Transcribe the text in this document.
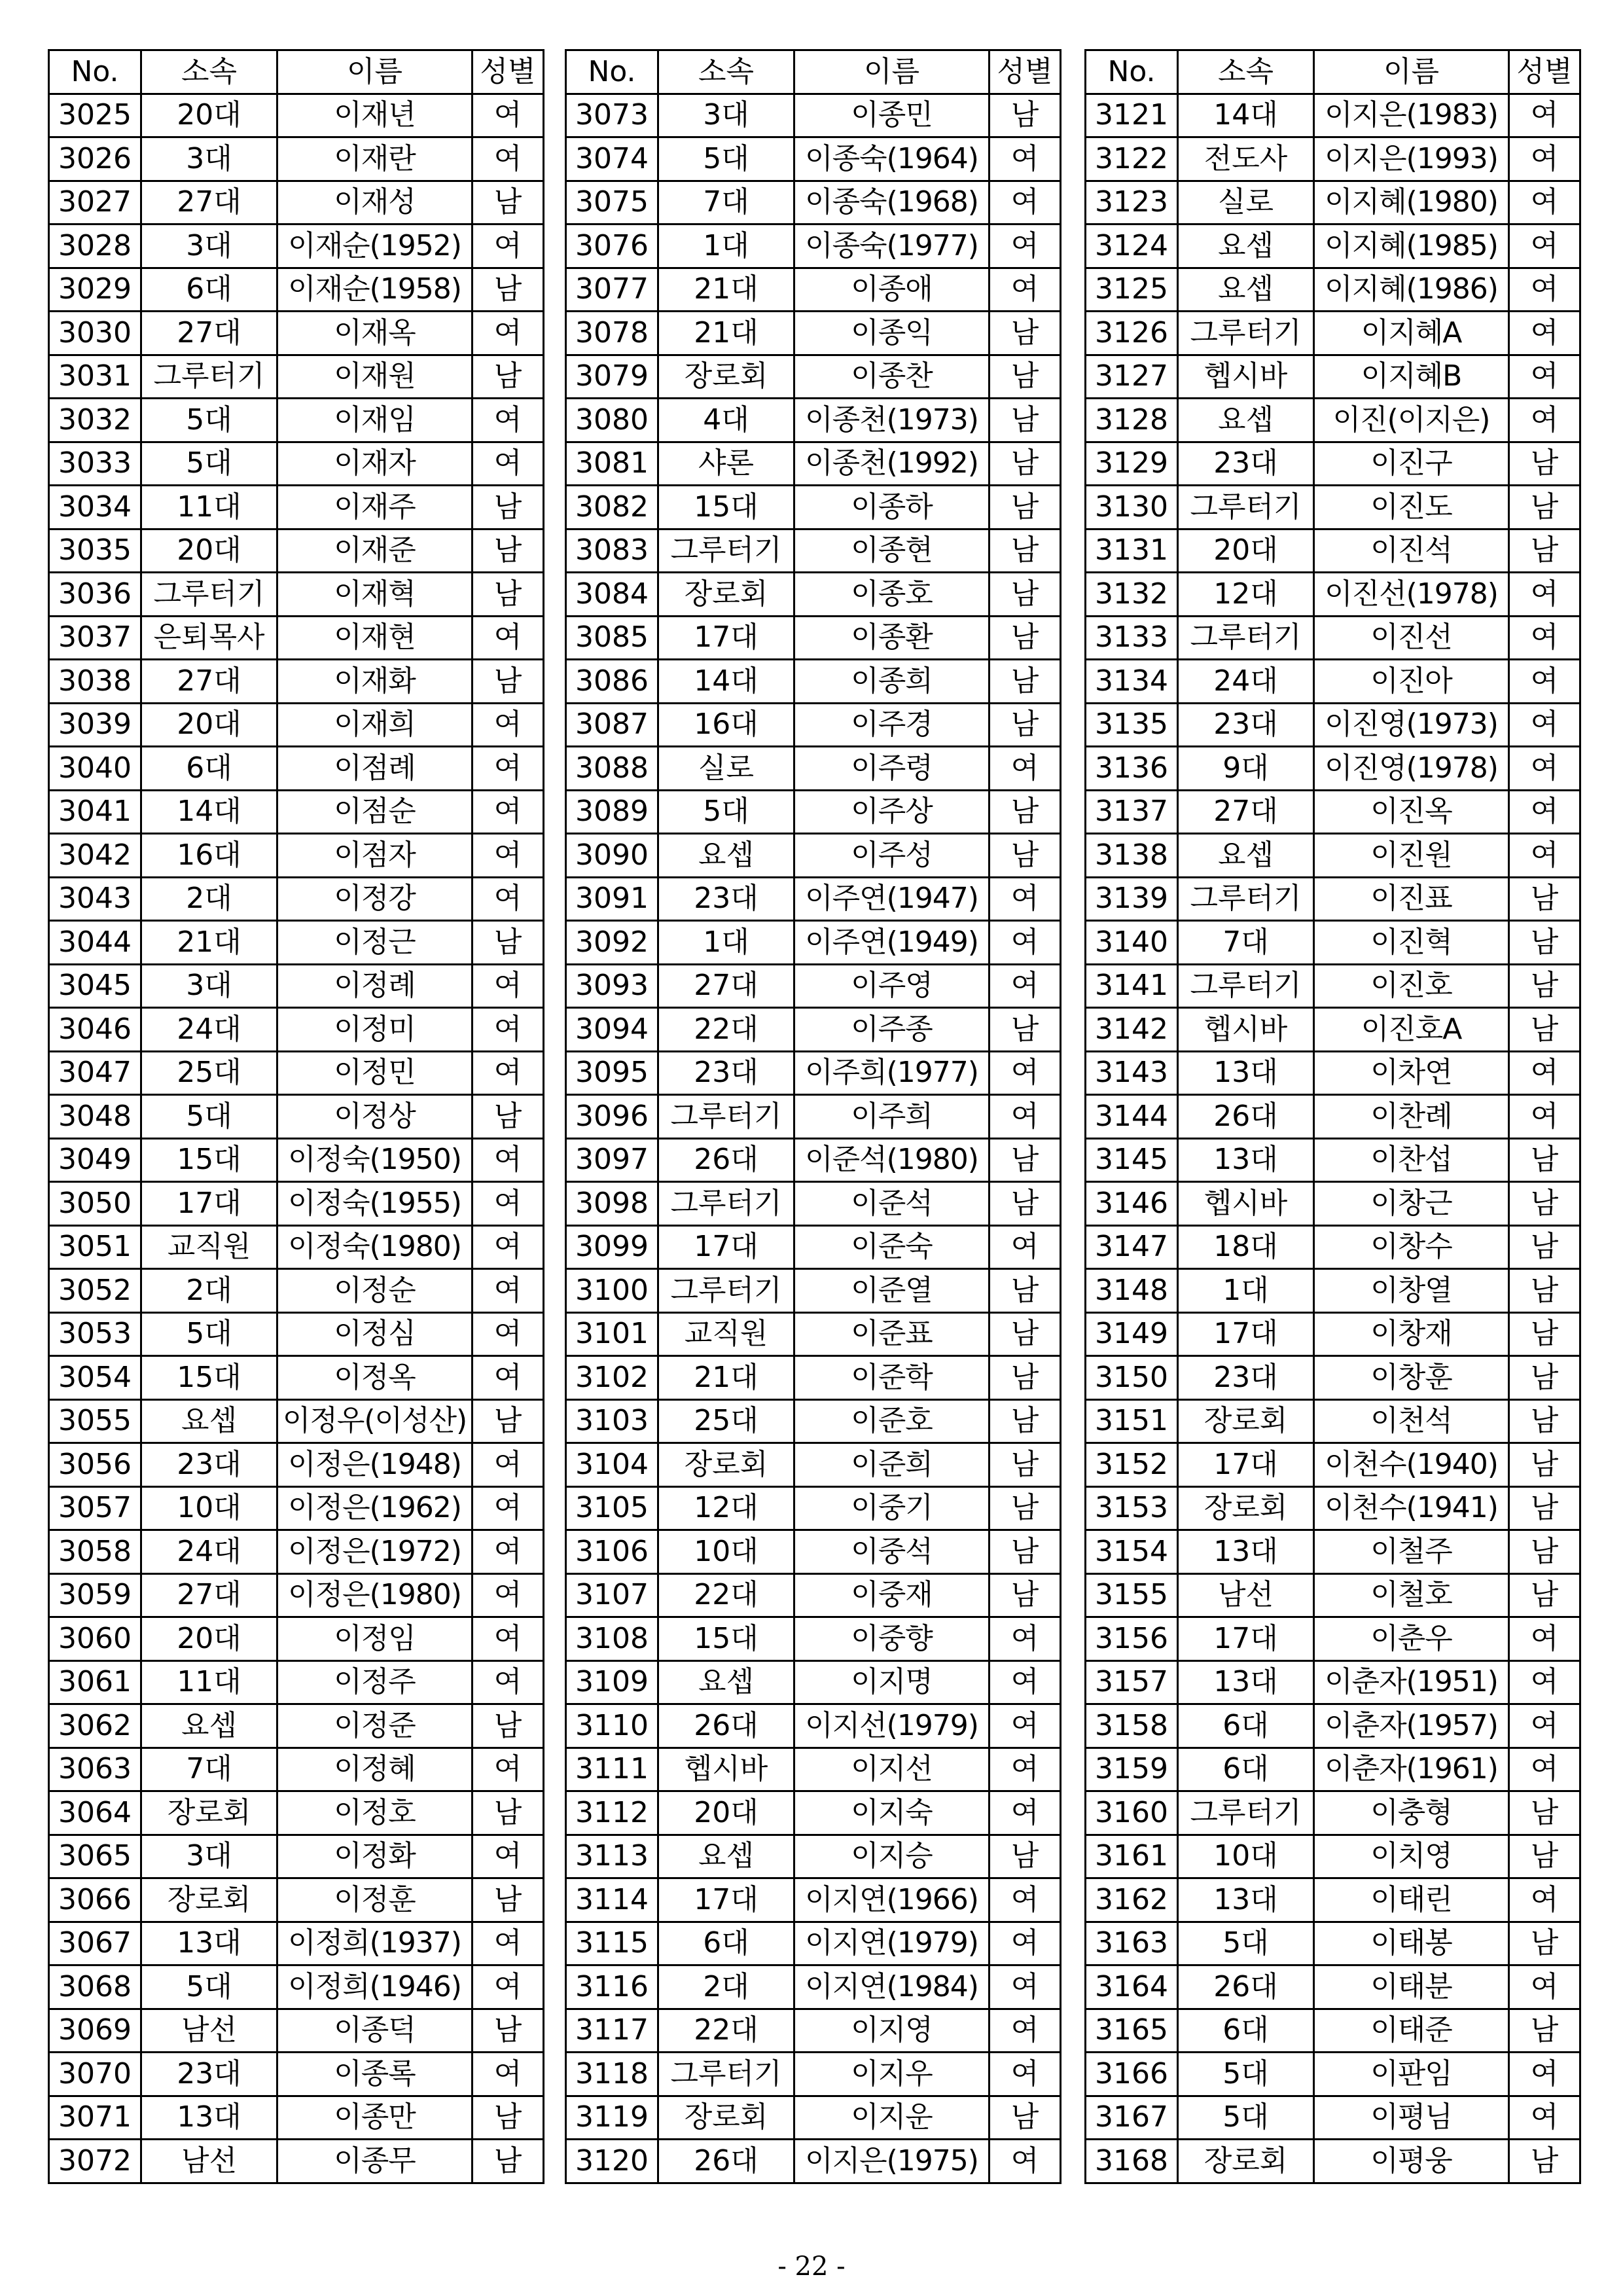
No.	소속	이름	성별
3025	20대	이재년	여
3026	3대	이재란	여
3027	27대	이재성	남
3028	3대	이재순(1952)	여
3029	6대	이재순(1958)	남
3030	27대	이재옥	여
3031	그루터기	이재원	남
3032	5대	이재임	여
3033	5대	이재자	여
3034	11대	이재주	남
3035	20대	이재준	남
3036	그루터기	이재혁	남
3037	은퇴목사	이재현	여
3038	27대	이재화	남
3039	20대	이재희	여
3040	6대	이점례	여
3041	14대	이점순	여
3042	16대	이점자	여
3043	2대	이정강	여
3044	21대	이정근	남
3045	3대	이정례	여
3046	24대	이정미	여
3047	25대	이정민	여
3048	5대	이정상	남
3049	15대	이정숙(1950)	여
3050	17대	이정숙(1955)	여
3051	교직원	이정숙(1980)	여
3052	2대	이정순	여
3053	5대	이정심	여
3054	15대	이정옥	여
3055	요셉	이정우(이성산)	남
3056	23대	이정은(1948)	여
3057	10대	이정은(1962)	여
3058	24대	이정은(1972)	여
3059	27대	이정은(1980)	여
3060	20대	이정임	여
3061	11대	이정주	여
3062	요셉	이정준	남
3063	7대	이정혜	여
3064	장로회	이정호	남
3065	3대	이정화	여
3066	장로회	이정훈	남
3067	13대	이정희(1937)	여
3068	5대	이정희(1946)	여
3069	남선	이종덕	남
3070	23대	이종록	여
3071	13대	이종만	남
3072	남선	이종무	남
No.	소속	이름	성별
3073	3대	이종민	남
3074	5대	이종숙(1964)	여
3075	7대	이종숙(1968)	여
3076	1대	이종숙(1977)	여
3077	21대	이종애	여
3078	21대	이종익	남
3079	장로회	이종찬	남
3080	4대	이종천(1973)	남
3081	샤론	이종천(1992)	남
3082	15대	이종하	남
3083	그루터기	이종현	남
3084	장로회	이종호	남
3085	17대	이종환	남
3086	14대	이종희	남
3087	16대	이주경	남
3088	실로	이주령	여
3089	5대	이주상	남
3090	요셉	이주성	남
3091	23대	이주연(1947)	여
3092	1대	이주연(1949)	여
3093	27대	이주영	여
3094	22대	이주종	남
3095	23대	이주희(1977)	여
3096	그루터기	이주희	여
3097	26대	이준석(1980)	남
3098	그루터기	이준석	남
3099	17대	이준숙	여
3100	그루터기	이준열	남
3101	교직원	이준표	남
3102	21대	이준학	남
3103	25대	이준호	남
3104	장로회	이준희	남
3105	12대	이중기	남
3106	10대	이중석	남
3107	22대	이중재	남
3108	15대	이중향	여
3109	요셉	이지명	여
3110	26대	이지선(1979)	여
3111	헵시바	이지선	여
3112	20대	이지숙	여
3113	요셉	이지승	남
3114	17대	이지연(1966)	여
3115	6대	이지연(1979)	여
3116	2대	이지연(1984)	여
3117	22대	이지영	여
3118	그루터기	이지우	여
3119	장로회	이지운	남
3120	26대	이지은(1975)	여
No.	소속	이름	성별
3121	14대	이지은(1983)	여
3122	전도사	이지은(1993)	여
3123	실로	이지혜(1980)	여
3124	요셉	이지혜(1985)	여
3125	요셉	이지혜(1986)	여
3126	그루터기	이지혜A	여
3127	헵시바	이지혜B	여
3128	요셉	이진(이지은)	여
3129	23대	이진구	남
3130	그루터기	이진도	남
3131	20대	이진석	남
3132	12대	이진선(1978)	여
3133	그루터기	이진선	여
3134	24대	이진아	여
3135	23대	이진영(1973)	여
3136	9대	이진영(1978)	여
3137	27대	이진옥	여
3138	요셉	이진원	여
3139	그루터기	이진표	남
3140	7대	이진혁	남
3141	그루터기	이진호	남
3142	헵시바	이진호A	남
3143	13대	이차연	여
3144	26대	이찬례	여
3145	13대	이찬섭	남
3146	헵시바	이창근	남
3147	18대	이창수	남
3148	1대	이창열	남
3149	17대	이창재	남
3150	23대	이창훈	남
3151	장로회	이천석	남
3152	17대	이천수(1940)	남
3153	장로회	이천수(1941)	남
3154	13대	이철주	남
3155	남선	이철호	남
3156	17대	이춘우	여
3157	13대	이춘자(1951)	여
3158	6대	이춘자(1957)	여
3159	6대	이춘자(1961)	여
3160	그루터기	이충형	남
3161	10대	이치영	남
3162	13대	이태린	여
3163	5대	이태봉	남
3164	26대	이태분	여
3165	6대	이태준	남
3166	5대	이판임	여
3167	5대	이평님	여
3168	장로회	이평웅	남
- 22 -
